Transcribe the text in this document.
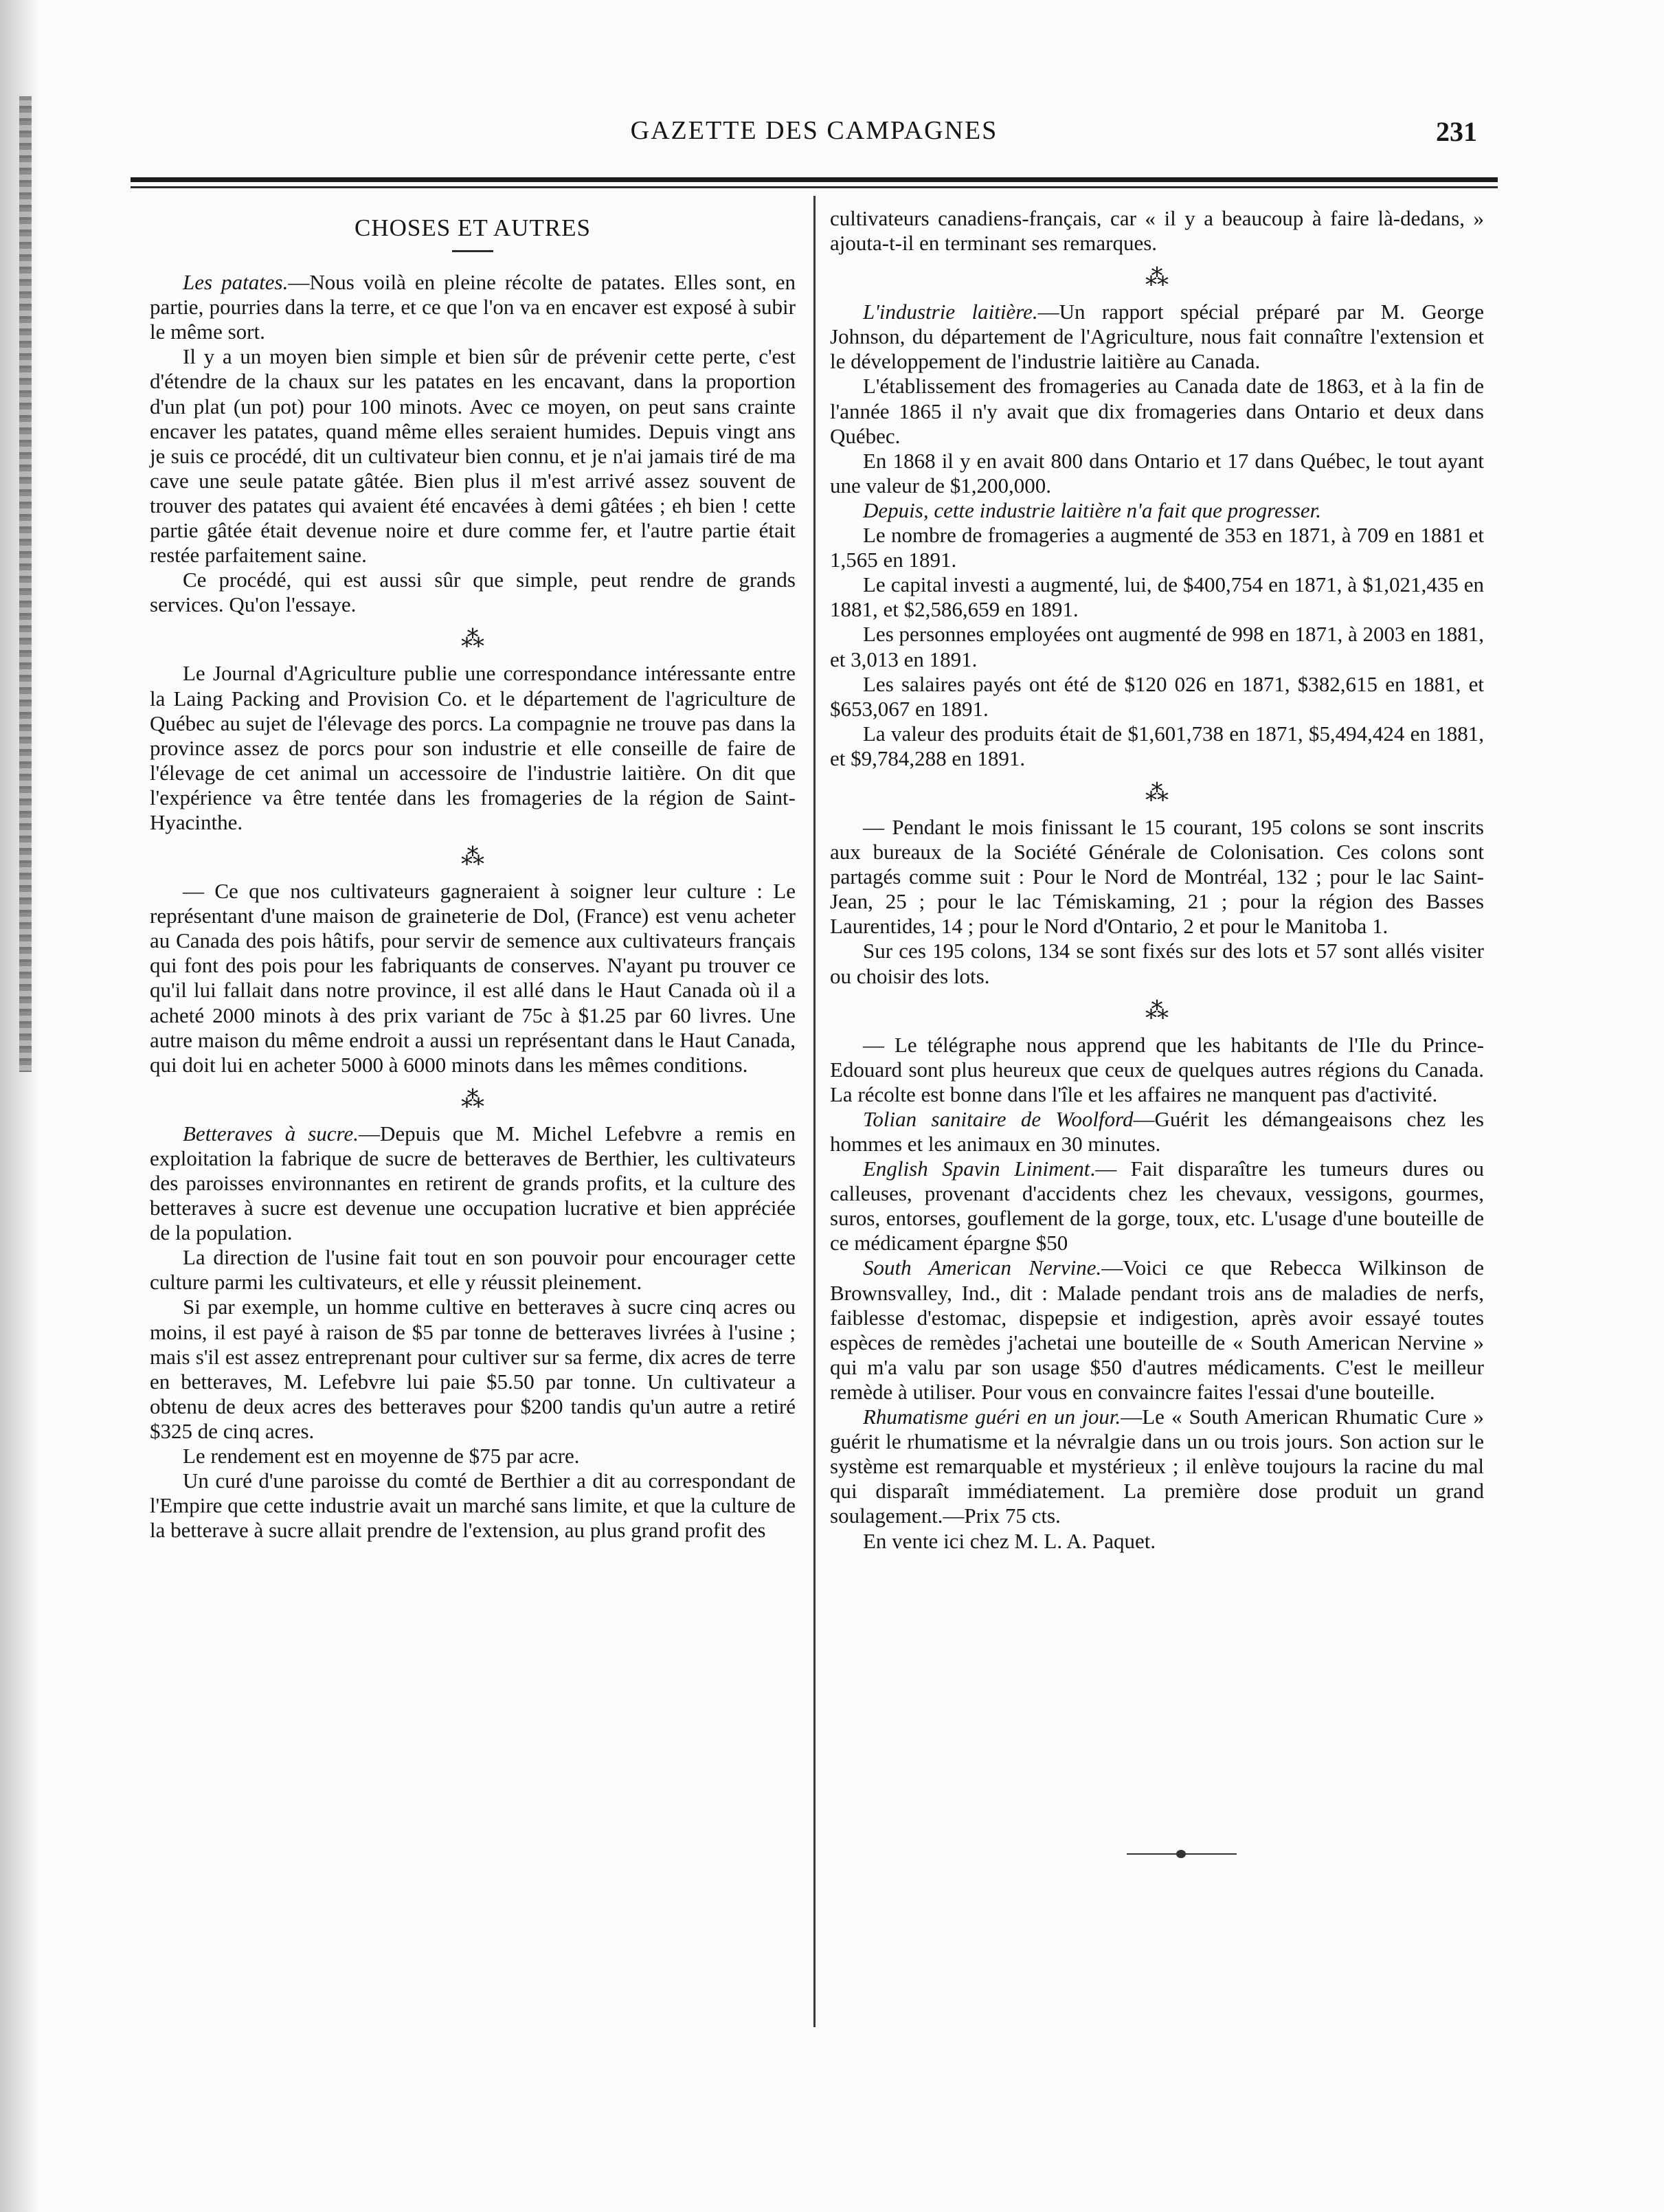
GAZETTE DES CAMPAGNES	231
CHOSES ET AUTRES

Les patates.—Nous voilà en pleine récolte de patates. Elles sont, en partie, pourries dans la terre, et ce que l'on va en encaver est exposé à subir le même sort.

Il y a un moyen bien simple et bien sûr de prévenir cette perte, c'est d'étendre de la chaux sur les patates en les encavant, dans la proportion d'un plat (un pot) pour 100 minots. Avec ce moyen, on peut sans crainte encaver les patates, quand même elles seraient humides. Depuis vingt ans je suis ce procédé, dit un cultivateur bien connu, et je n'ai jamais tiré de ma cave une seule patate gâtée. Bien plus il m'est arrivé assez souvent de trouver des patates qui avaient été encavées à demi gâtées ; eh bien ! cette partie gâtée était devenue noire et dure comme fer, et l'autre partie était restée parfaitement saine.

Ce procédé, qui est aussi sûr que simple, peut rendre de grands services. Qu'on l'essaye.

⁂

Le Journal d'Agriculture publie une correspondance intéressante entre la Laing Packing and Provision Co. et le département de l'agriculture de Québec au sujet de l'élevage des porcs. La compagnie ne trouve pas dans la province assez de porcs pour son industrie et elle conseille de faire de l'élevage de cet animal un accessoire de l'industrie laitière. On dit que l'expérience va être tentée dans les fromageries de la région de Saint-Hyacinthe.

⁂

— Ce que nos cultivateurs gagneraient à soigner leur culture : Le représentant d'une maison de graineterie de Dol, (France) est venu acheter au Canada des pois hâtifs, pour servir de semence aux cultivateurs français qui font des pois pour les fabriquants de conserves. N'ayant pu trouver ce qu'il lui fallait dans notre province, il est allé dans le Haut Canada où il a acheté 2000 minots à des prix variant de 75c à $1.25 par 60 livres. Une autre maison du même endroit a aussi un représentant dans le Haut Canada, qui doit lui en acheter 5000 à 6000 minots dans les mêmes conditions.

⁂

Betteraves à sucre.—Depuis que M. Michel Lefebvre a remis en exploitation la fabrique de sucre de betteraves de Berthier, les cultivateurs des paroisses environnantes en retirent de grands profits, et la culture des betteraves à sucre est devenue une occupation lucrative et bien appréciée de la population.

La direction de l'usine fait tout en son pouvoir pour encourager cette culture parmi les cultivateurs, et elle y réussit pleinement.

Si par exemple, un homme cultive en betteraves à sucre cinq acres ou moins, il est payé à raison de $5 par tonne de betteraves livrées à l'usine ; mais s'il est assez entreprenant pour cultiver sur sa ferme, dix acres de terre en betteraves, M. Lefebvre lui paie $5.50 par tonne. Un cultivateur a obtenu de deux acres des betteraves pour $200 tandis qu'un autre a retiré $325 de cinq acres.

Le rendement est en moyenne de $75 par acre.

Un curé d'une paroisse du comté de Berthier a dit au correspondant de l'Empire que cette industrie avait un marché sans limite, et que la culture de la betterave à sucre allait prendre de l'extension, au plus grand profit des

cultivateurs canadiens-français, car « il y a beaucoup à faire là-dedans, » ajouta-t-il en terminant ses remarques.

⁂

L'industrie laitière.—Un rapport spécial préparé par M. George Johnson, du département de l'Agriculture, nous fait connaître l'extension et le développement de l'industrie laitière au Canada.

L'établissement des fromageries au Canada date de 1863, et à la fin de l'année 1865 il n'y avait que dix fromageries dans Ontario et deux dans Québec.

En 1868 il y en avait 800 dans Ontario et 17 dans Québec, le tout ayant une valeur de $1,200,000.

Depuis, cette industrie laitière n'a fait que progresser.

Le nombre de fromageries a augmenté de 353 en 1871, à 709 en 1881 et 1,565 en 1891.

Le capital investi a augmenté, lui, de $400,754 en 1871, à $1,021,435 en 1881, et $2,586,659 en 1891.

Les personnes employées ont augmenté de 998 en 1871, à 2003 en 1881, et 3,013 en 1891.

Les salaires payés ont été de $120 026 en 1871, $382,615 en 1881, et $653,067 en 1891.

La valeur des produits était de $1,601,738 en 1871, $5,494,424 en 1881, et $9,784,288 en 1891.

⁂

— Pendant le mois finissant le 15 courant, 195 colons se sont inscrits aux bureaux de la Société Générale de Colonisation. Ces colons sont partagés comme suit : Pour le Nord de Montréal, 132 ; pour le lac Saint-Jean, 25 ; pour le lac Témiskaming, 21 ; pour la région des Basses Laurentides, 14 ; pour le Nord d'Ontario, 2 et pour le Manitoba 1.

Sur ces 195 colons, 134 se sont fixés sur des lots et 57 sont allés visiter ou choisir des lots.

⁂

— Le télégraphe nous apprend que les habitants de l'Ile du Prince-Edouard sont plus heureux que ceux de quelques autres régions du Canada. La récolte est bonne dans l'île et les affaires ne manquent pas d'activité.

Tolian sanitaire de Woolford—Guérit les démangeaisons chez les hommes et les animaux en 30 minutes.

English Spavin Liniment.— Fait disparaître les tumeurs dures ou calleuses, provenant d'accidents chez les chevaux, vessigons, gourmes, suros, entorses, gouflement de la gorge, toux, etc. L'usage d'une bouteille de ce médicament épargne $50

South American Nervine.—Voici ce que Rebecca Wilkinson de Brownsvalley, Ind., dit : Malade pendant trois ans de maladies de nerfs, faiblesse d'estomac, dispepsie et indigestion, après avoir essayé toutes espèces de remèdes j'achetai une bouteille de « South American Nervine » qui m'a valu par son usage $50 d'autres médicaments. C'est le meilleur remède à utiliser. Pour vous en convaincre faites l'essai d'une bouteille.

Rhumatisme guéri en un jour.—Le « South American Rhumatic Cure » guérit le rhumatisme et la névralgie dans un ou trois jours. Son action sur le système est remarquable et mystérieux ; il enlève toujours la racine du mal qui disparaît immédiatement. La première dose produit un grand soulagement.—Prix 75 cts.

En vente ici chez M. L. A. Paquet.
